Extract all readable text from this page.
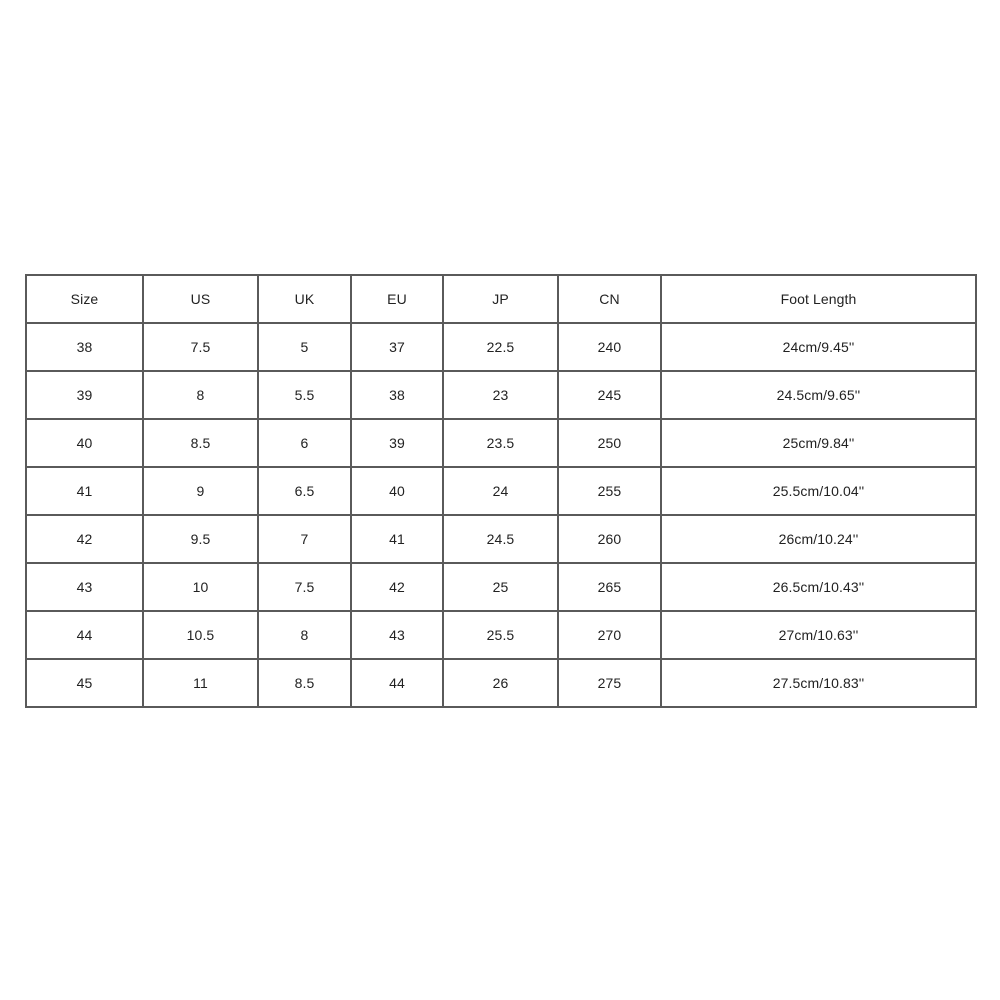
Size	US	UK	EU	JP	CN	Foot Length
38	7.5	5	37	22.5	240	24cm/9.45''
39	8	5.5	38	23	245	24.5cm/9.65''
40	8.5	6	39	23.5	250	25cm/9.84''
41	9	6.5	40	24	255	25.5cm/10.04''
42	9.5	7	41	24.5	260	26cm/10.24''
43	10	7.5	42	25	265	26.5cm/10.43''
44	10.5	8	43	25.5	270	27cm/10.63''
45	11	8.5	44	26	275	27.5cm/10.83''
